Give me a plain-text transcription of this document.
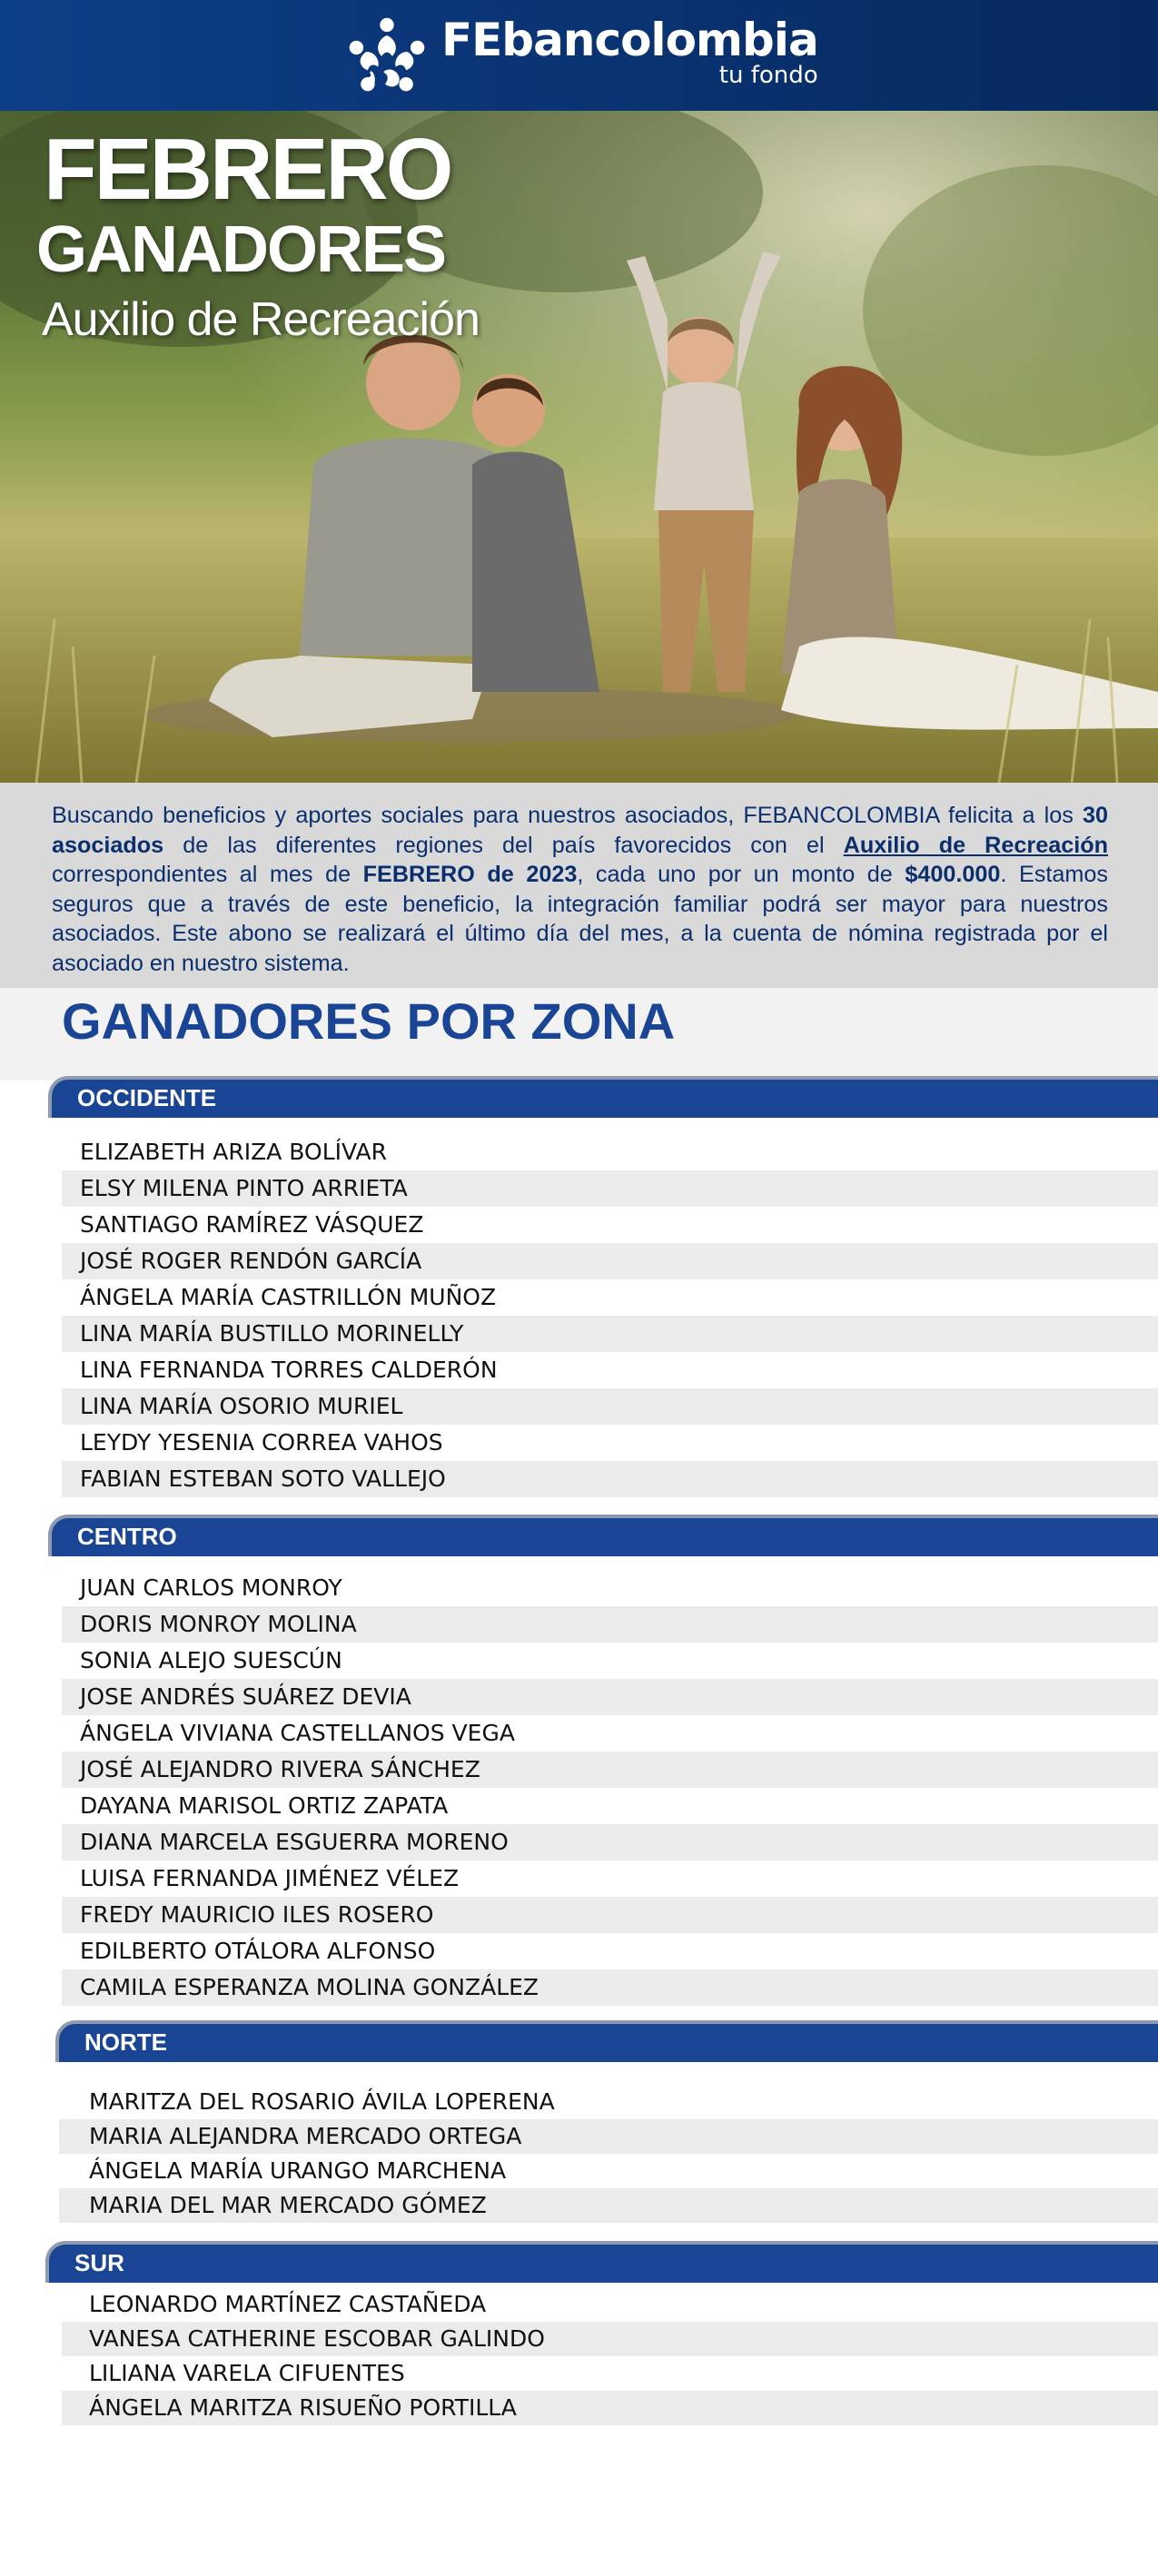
FEbancolombia
tu fondo
FEBRERO
GANADORES
Auxilio de Recreación

Buscando beneficios y aportes sociales para nuestros asociados, FEBANCOLOMBIA felicita a los 30 asociados de las diferentes regiones del país favorecidos con el Auxilio de Recreación correspondientes al mes de FEBRERO de 2023, cada uno por un monto de $400.000. Estamos seguros que a través de este beneficio, la integración familiar podrá ser mayor para nuestros asociados. Este abono se realizará el último día del mes, a la cuenta de nómina registrada por el asociado en nuestro sistema.

GANADORES POR ZONA
OCCIDENTE
ELIZABETH ARIZA BOLÍVAR
ELSY MILENA PINTO ARRIETA
SANTIAGO RAMÍREZ VÁSQUEZ
JOSÉ ROGER RENDÓN GARCÍA
ÁNGELA MARÍA CASTRILLÓN MUÑOZ
LINA MARÍA BUSTILLO MORINELLY
LINA FERNANDA TORRES CALDERÓN
LINA MARÍA OSORIO MURIEL
LEYDY YESENIA CORREA VAHOS
FABIAN ESTEBAN SOTO VALLEJO
CENTRO
JUAN CARLOS MONROY
DORIS MONROY MOLINA
SONIA ALEJO SUESCÚN
JOSE ANDRÉS SUÁREZ DEVIA
ÁNGELA VIVIANA CASTELLANOS VEGA
JOSÉ ALEJANDRO RIVERA SÁNCHEZ
DAYANA MARISOL ORTIZ ZAPATA
DIANA MARCELA ESGUERRA MORENO
LUISA FERNANDA JIMÉNEZ VÉLEZ
FREDY MAURICIO ILES ROSERO
EDILBERTO OTÁLORA ALFONSO
CAMILA ESPERANZA MOLINA GONZÁLEZ
NORTE
MARITZA DEL ROSARIO ÁVILA LOPERENA
MARIA ALEJANDRA MERCADO ORTEGA
ÁNGELA MARÍA URANGO MARCHENA
MARIA DEL MAR MERCADO GÓMEZ
SUR
LEONARDO MARTÍNEZ CASTAÑEDA
VANESA CATHERINE ESCOBAR GALINDO
LILIANA VARELA CIFUENTES
ÁNGELA MARITZA RISUEÑO PORTILLA
